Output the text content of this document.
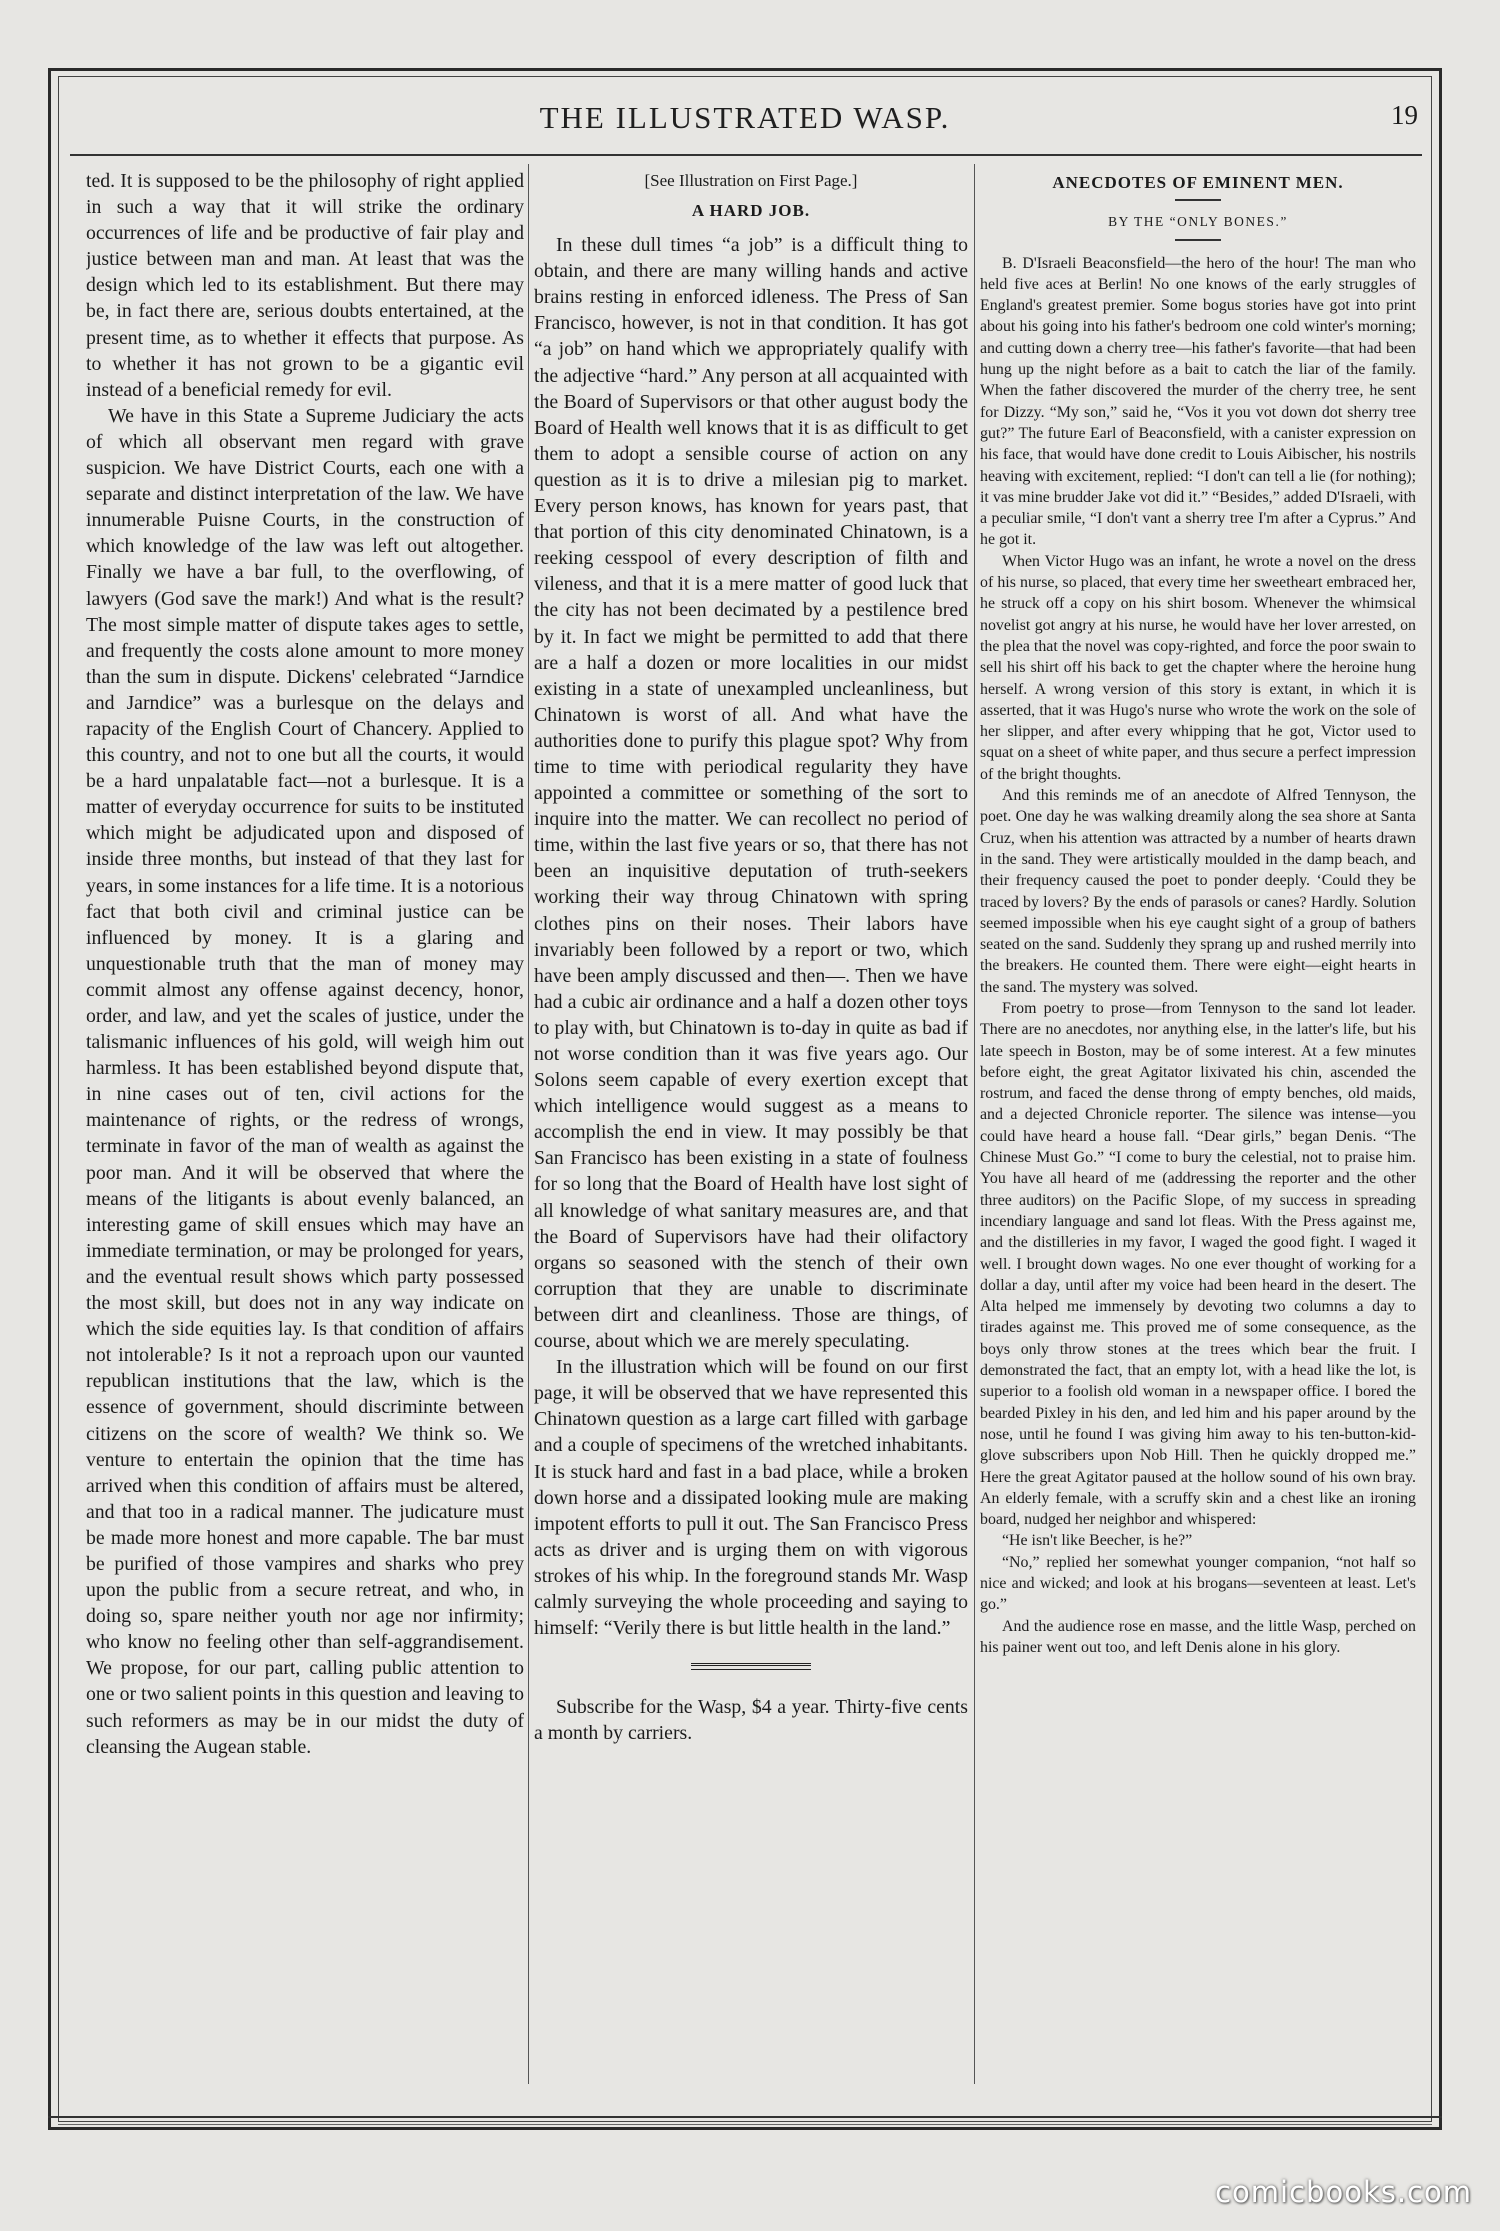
THE ILLUSTRATED WASP.	19

ted. It is supposed to be the philosophy of right applied in such a way that it will strike the ordinary occurrences of life and be productive of fair play and justice between man and man. At least that was the design which led to its establishment. But there may be, in fact there are, serious doubts entertained, at the present time, as to whether it effects that purpose. As to whether it has not grown to be a gigantic evil instead of a beneficial remedy for evil.

We have in this State a Supreme Judiciary the acts of which all observant men regard with grave suspicion. We have District Courts, each one with a separate and distinct interpretation of the law. We have innumerable Puisne Courts, in the construction of which knowledge of the law was left out altogether. Finally we have a bar full, to the overflowing, of lawyers (God save the mark!) And what is the result? The most simple matter of dispute takes ages to settle, and frequently the costs alone amount to more money than the sum in dispute. Dickens' celebrated “Jarndice and Jarndice” was a burlesque on the delays and rapacity of the English Court of Chancery. Applied to this country, and not to one but all the courts, it would be a hard unpalatable fact—not a burlesque. It is a matter of everyday occurrence for suits to be instituted which might be adjudicated upon and disposed of inside three months, but instead of that they last for years, in some instances for a life time. It is a notorious fact that both civil and criminal justice can be influenced by money. It is a glaring and unquestionable truth that the man of money may commit almost any offense against decency, honor, order, and law, and yet the scales of justice, under the talismanic influences of his gold, will weigh him out harmless. It has been established beyond dispute that, in nine cases out of ten, civil actions for the maintenance of rights, or the redress of wrongs, terminate in favor of the man of wealth as against the poor man. And it will be observed that where the means of the litigants is about evenly balanced, an interesting game of skill ensues which may have an immediate termination, or may be prolonged for years, and the eventual result shows which party possessed the most skill, but does not in any way indicate on which the side equities lay. Is that condition of affairs not intolerable? Is it not a reproach upon our vaunted republican institutions that the law, which is the essence of government, should discriminte between citizens on the score of wealth? We think so. We venture to entertain the opinion that the time has arrived when this condition of affairs must be altered, and that too in a radical manner. The judicature must be made more honest and more capable. The bar must be purified of those vampires and sharks who prey upon the public from a secure retreat, and who, in doing so, spare neither youth nor age nor infirmity; who know no feeling other than self-aggrandisement. We propose, for our part, calling public attention to one or two salient points in this question and leaving to such reformers as may be in our midst the duty of cleansing the Augean stable.

[See Illustration on First Page.]
A HARD JOB.

In these dull times “a job” is a difficult thing to obtain, and there are many willing hands and active brains resting in enforced idleness. The Press of San Francisco, however, is not in that condition. It has got “a job” on hand which we appropriately qualify with the adjective “hard.” Any person at all acquainted with the Board of Supervisors or that other august body the Board of Health well knows that it is as difficult to get them to adopt a sensible course of action on any question as it is to drive a milesian pig to market. Every person knows, has known for years past, that that portion of this city denominated Chinatown, is a reeking cesspool of every description of filth and vileness, and that it is a mere matter of good luck that the city has not been decimated by a pestilence bred by it. In fact we might be permitted to add that there are a half a dozen or more localities in our midst existing in a state of unexampled uncleanliness, but Chinatown is worst of all. And what have the authorities done to purify this plague spot? Why from time to time with periodical regularity they have appointed a committee or something of the sort to inquire into the matter. We can recollect no period of time, within the last five years or so, that there has not been an inquisitive deputation of truth-seekers working their way throug Chinatown with spring clothes pins on their noses. Their labors have invariably been followed by a report or two, which have been amply discussed and then—. Then we have had a cubic air ordinance and a half a dozen other toys to play with, but Chinatown is to-day in quite as bad if not worse condition than it was five years ago. Our Solons seem capable of every exertion except that which intelligence would suggest as a means to accomplish the end in view. It may possibly be that San Francisco has been existing in a state of foulness for so long that the Board of Health have lost sight of all knowledge of what sanitary measures are, and that the Board of Supervisors have had their olifactory organs so seasoned with the stench of their own corruption that they are unable to discriminate between dirt and cleanliness. Those are things, of course, about which we are merely speculating.

In the illustration which will be found on our first page, it will be observed that we have represented this Chinatown question as a large cart filled with garbage and a couple of specimens of the wretched inhabitants. It is stuck hard and fast in a bad place, while a broken down horse and a dissipated looking mule are making impotent efforts to pull it out. The San Francisco Press acts as driver and is urging them on with vigorous strokes of his whip. In the foreground stands Mr. Wasp calmly surveying the whole proceeding and saying to himself: “Verily there is but little health in the land.”

Subscribe for the Wasp, $4 a year. Thirty-five cents a month by carriers.

ANECDOTES OF EMINENT MEN.
BY THE “ONLY BONES.”

B. D'Israeli Beaconsfield—the hero of the hour! The man who held five aces at Berlin! No one knows of the early struggles of England's greatest premier. Some bogus stories have got into print about his going into his father's bedroom one cold winter's morning; and cutting down a cherry tree—his father's favorite—that had been hung up the night before as a bait to catch the liar of the family. When the father discovered the murder of the cherry tree, he sent for Dizzy. “My son,” said he, “Vos it you vot down dot sherry tree gut?” The future Earl of Beaconsfield, with a canister expression on his face, that would have done credit to Louis Aibischer, his nostrils heaving with excitement, replied: “I don't can tell a lie (for nothing); it vas mine brudder Jake vot did it.” “Besides,” added D'Israeli, with a peculiar smile, “I don't vant a sherry tree I'm after a Cyprus.” And he got it.

When Victor Hugo was an infant, he wrote a novel on the dress of his nurse, so placed, that every time her sweetheart embraced her, he struck off a copy on his shirt bosom. Whenever the whimsical novelist got angry at his nurse, he would have her lover arrested, on the plea that the novel was copy-righted, and force the poor swain to sell his shirt off his back to get the chapter where the heroine hung herself. A wrong version of this story is extant, in which it is asserted, that it was Hugo's nurse who wrote the work on the sole of her slipper, and after every whipping that he got, Victor used to squat on a sheet of white paper, and thus secure a perfect impression of the bright thoughts.

And this reminds me of an anecdote of Alfred Tennyson, the poet. One day he was walking dreamily along the sea shore at Santa Cruz, when his attention was attracted by a number of hearts drawn in the sand. They were artistically moulded in the damp beach, and their frequency caused the poet to ponder deeply. ‘Could they be traced by lovers? By the ends of parasols or canes? Hardly. Solution seemed impossible when his eye caught sight of a group of bathers seated on the sand. Suddenly they sprang up and rushed merrily into the breakers. He counted them. There were eight—eight hearts in the sand. The mystery was solved.

From poetry to prose—from Tennyson to the sand lot leader. There are no anecdotes, nor anything else, in the latter's life, but his late speech in Boston, may be of some interest. At a few minutes before eight, the great Agitator lixivated his chin, ascended the rostrum, and faced the dense throng of empty benches, old maids, and a dejected Chronicle reporter. The silence was intense—you could have heard a house fall. “Dear girls,” began Denis. “The Chinese Must Go.” “I come to bury the celestial, not to praise him. You have all heard of me (addressing the reporter and the other three auditors) on the Pacific Slope, of my success in spreading incendiary language and sand lot fleas. With the Press against me, and the distilleries in my favor, I waged the good fight. I waged it well. I brought down wages. No one ever thought of working for a dollar a day, until after my voice had been heard in the desert. The Alta helped me immensely by devoting two columns a day to tirades against me. This proved me of some consequence, as the boys only throw stones at the trees which bear the fruit. I demonstrated the fact, that an empty lot, with a head like the lot, is superior to a foolish old woman in a newspaper office. I bored the bearded Pixley in his den, and led him and his paper around by the nose, until he found I was giving him away to his ten-button-kid-glove subscribers upon Nob Hill. Then he quickly dropped me.” Here the great Agitator paused at the hollow sound of his own bray. An elderly female, with a scruffy skin and a chest like an ironing board, nudged her neighbor and whispered:

“He isn't like Beecher, is he?”

“No,” replied her somewhat younger companion, “not half so nice and wicked; and look at his brogans—seventeen at least. Let's go.”

And the audience rose en masse, and the little Wasp, perched on his painer went out too, and left Denis alone in his glory.

comicbooks.com
